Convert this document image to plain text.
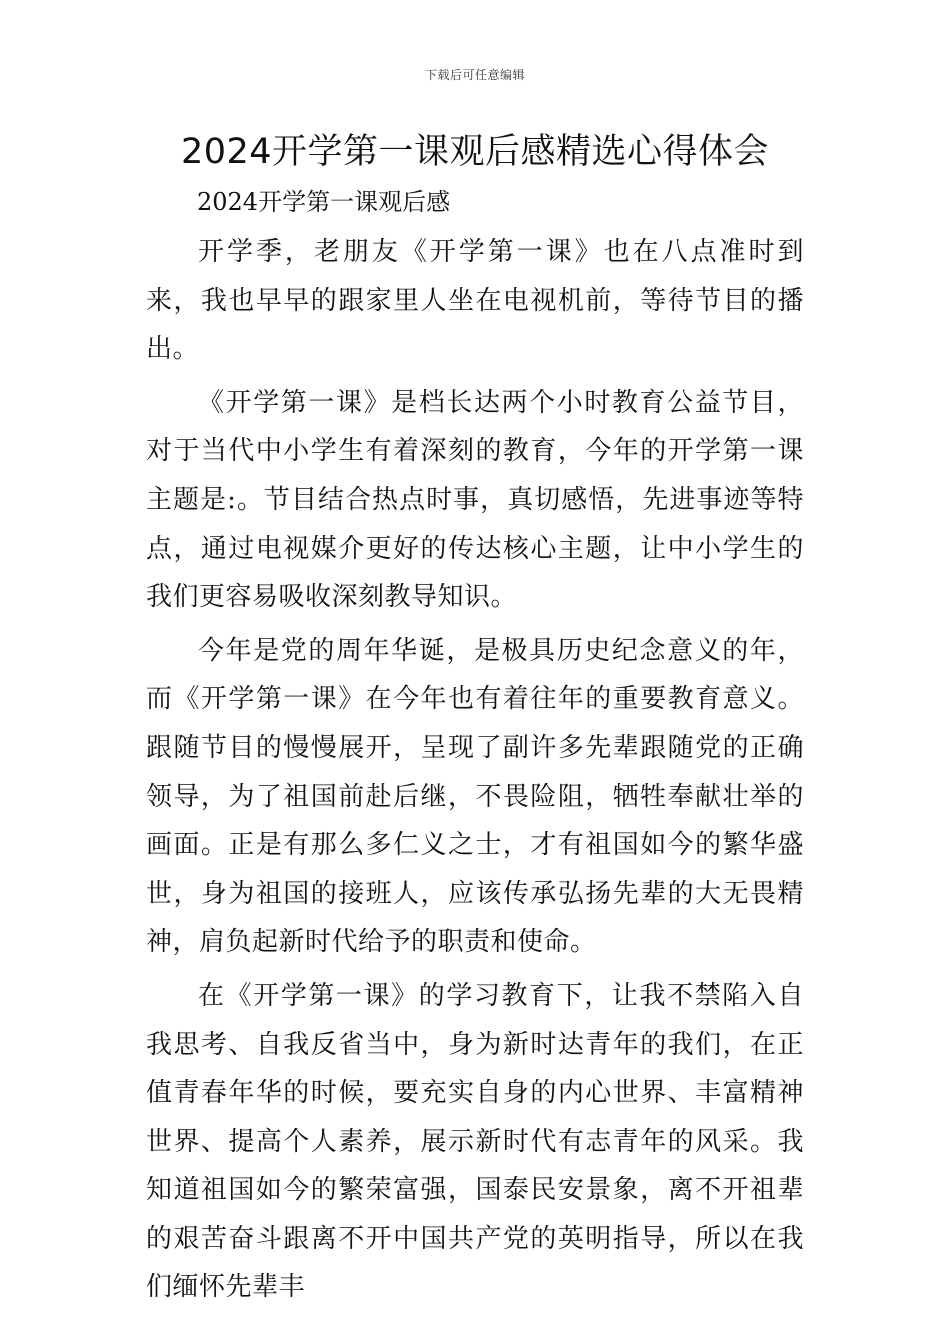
下载后可任意编辑
2024开学第一课观后感精选心得体会
2024开学第一课观后感

开学季，老朋友《开学第一课》也在八点准时到来，我也早早的跟家里人坐在电视机前，等待节目的播出。

《开学第一课》是档长达两个小时教育公益节目，对于当代中小学生有着深刻的教育，今年的开学第一课主题是:。节目结合热点时事，真切感悟，先进事迹等特点，通过电视媒介更好的传达核心主题，让中小学生的我们更容易吸收深刻教导知识。

今年是党的周年华诞，是极具历史纪念意义的年，而《开学第一课》在今年也有着往年的重要教育意义。跟随节目的慢慢展开，呈现了副许多先辈跟随党的正确领导，为了祖国前赴后继，不畏险阻，牺牲奉献壮举的画面。正是有那么多仁义之士，才有祖国如今的繁华盛世，身为祖国的接班人，应该传承弘扬先辈的大无畏精神，肩负起新时代给予的职责和使命。

在《开学第一课》的学习教育下，让我不禁陷入自我思考、自我反省当中，身为新时达青年的我们，在正值青春年华的时候，要充实自身的内心世界、丰富精神世界、提高个人素养，展示新时代有志青年的风采。我知道祖国如今的繁荣富强，国泰民安景象，离不开祖辈的艰苦奋斗跟离不开中国共产党的英明指导，所以在我们缅怀先辈丰
